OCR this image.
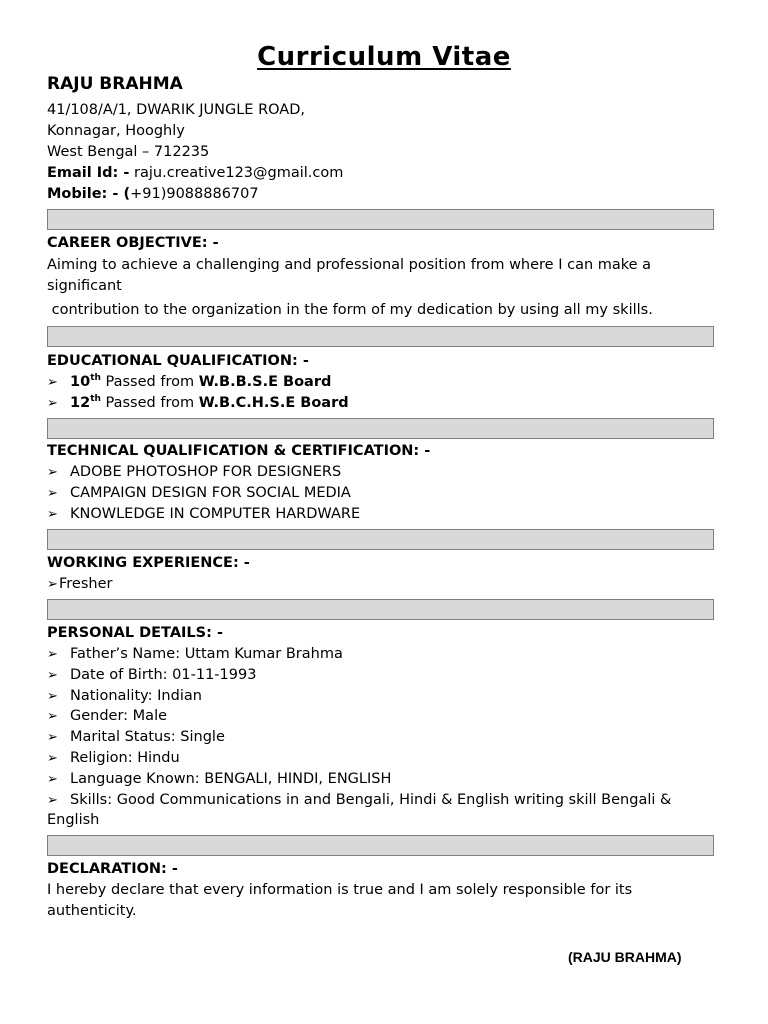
Curriculum Vitae
RAJU BRAHMA
41/108/A/1, DWARIK JUNGLE ROAD,
Konnagar, Hooghly
West Bengal – 712235
Email Id: - raju.creative123@gmail.com
Mobile: - (+91)9088886707
CAREER OBJECTIVE: -
Aiming to achieve a challenging and professional position from where I can make a
significant
contribution to the organization in the form of my dedication by using all my skills.
EDUCATIONAL QUALIFICATION: -
➢ 10th Passed from W.B.B.S.E Board
➢ 12th Passed from W.B.C.H.S.E Board
TECHNICAL QUALIFICATION & CERTIFICATION: -
➢ ADOBE PHOTOSHOP FOR DESIGNERS
➢ CAMPAIGN DESIGN FOR SOCIAL MEDIA
➢ KNOWLEDGE IN COMPUTER HARDWARE
WORKING EXPERIENCE: -
➢Fresher
PERSONAL DETAILS: -
➢ Father’s Name: Uttam Kumar Brahma
➢ Date of Birth: 01-11-1993
➢ Nationality: Indian
➢ Gender: Male
➢ Marital Status: Single
➢ Religion: Hindu
➢ Language Known: BENGALI, HINDI, ENGLISH
➢ Skills: Good Communications in and Bengali, Hindi & English writing skill Bengali &
English
DECLARATION: -
I hereby declare that every information is true and I am solely responsible for its
authenticity.
(RAJU BRAHMA)
